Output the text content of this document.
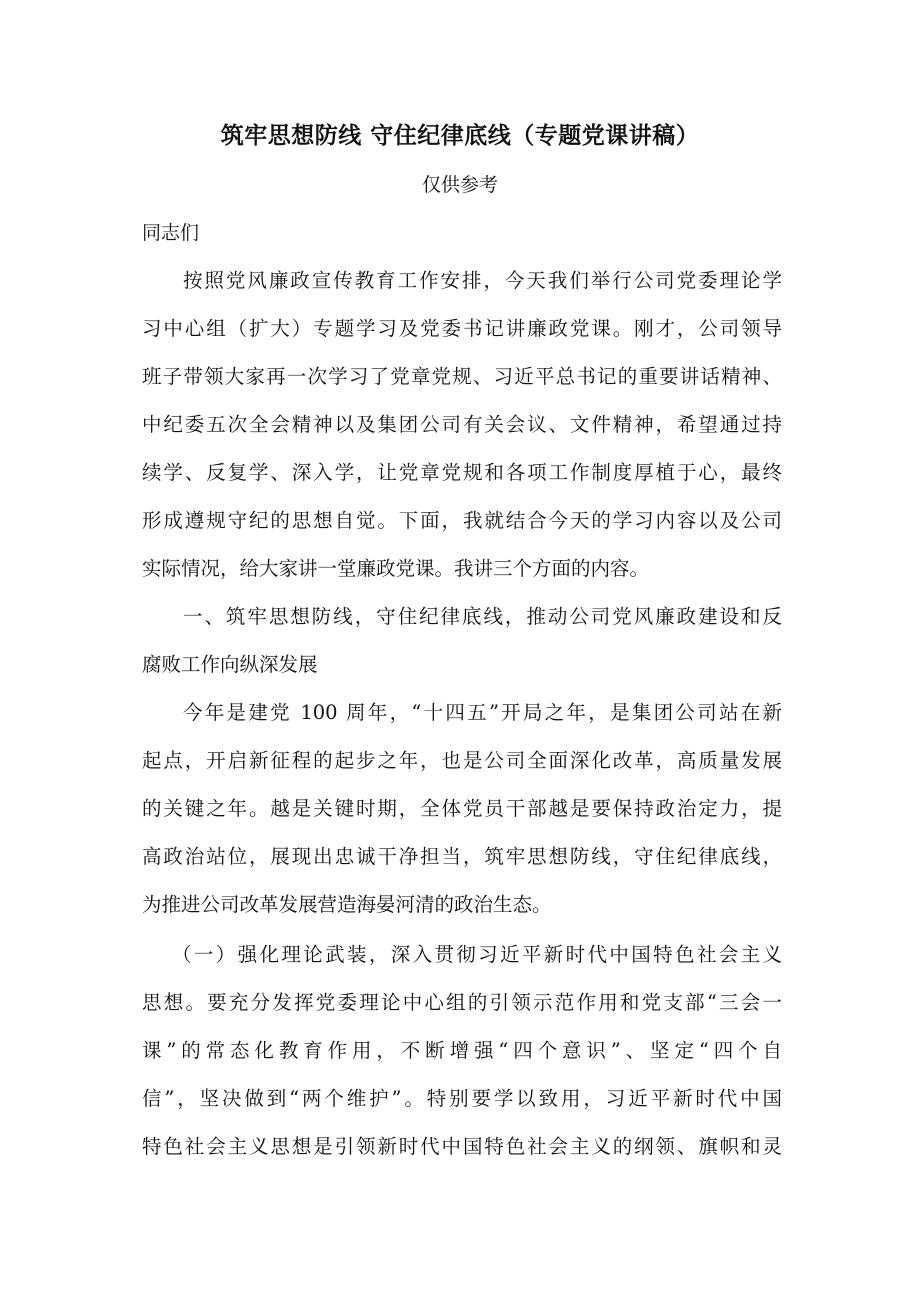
筑牢思想防线 守住纪律底线（专题党课讲稿）
仅供参考
同志们
按照党风廉政宣传教育工作安排，今天我们举行公司党委理论学
习中心组（扩大）专题学习及党委书记讲廉政党课。刚才，公司领导
班子带领大家再一次学习了党章党规、习近平总书记的重要讲话精神、
中纪委五次全会精神以及集团公司有关会议、文件精神，希望通过持
续学、反复学、深入学，让党章党规和各项工作制度厚植于心，最终
形成遵规守纪的思想自觉。下面，我就结合今天的学习内容以及公司
实际情况，给大家讲一堂廉政党课。我讲三个方面的内容。
一、筑牢思想防线，守住纪律底线，推动公司党风廉政建设和反
腐败工作向纵深发展
今年是建党 100 周年，“十四五”开局之年，是集团公司站在新
起点，开启新征程的起步之年，也是公司全面深化改革，高质量发展
的关键之年。越是关键时期，全体党员干部越是要保持政治定力，提
高政治站位，展现出忠诚干净担当，筑牢思想防线，守住纪律底线，
为推进公司改革发展营造海晏河清的政治生态。
（一）强化理论武装，深入贯彻习近平新时代中国特色社会主义
思想。要充分发挥党委理论中心组的引领示范作用和党支部“三会一
课”的常态化教育作用，不断增强“四个意识”、坚定“四个自
信”，坚决做到“两个维护”。特别要学以致用，习近平新时代中国
特色社会主义思想是引领新时代中国特色社会主义的纲领、旗帜和灵
